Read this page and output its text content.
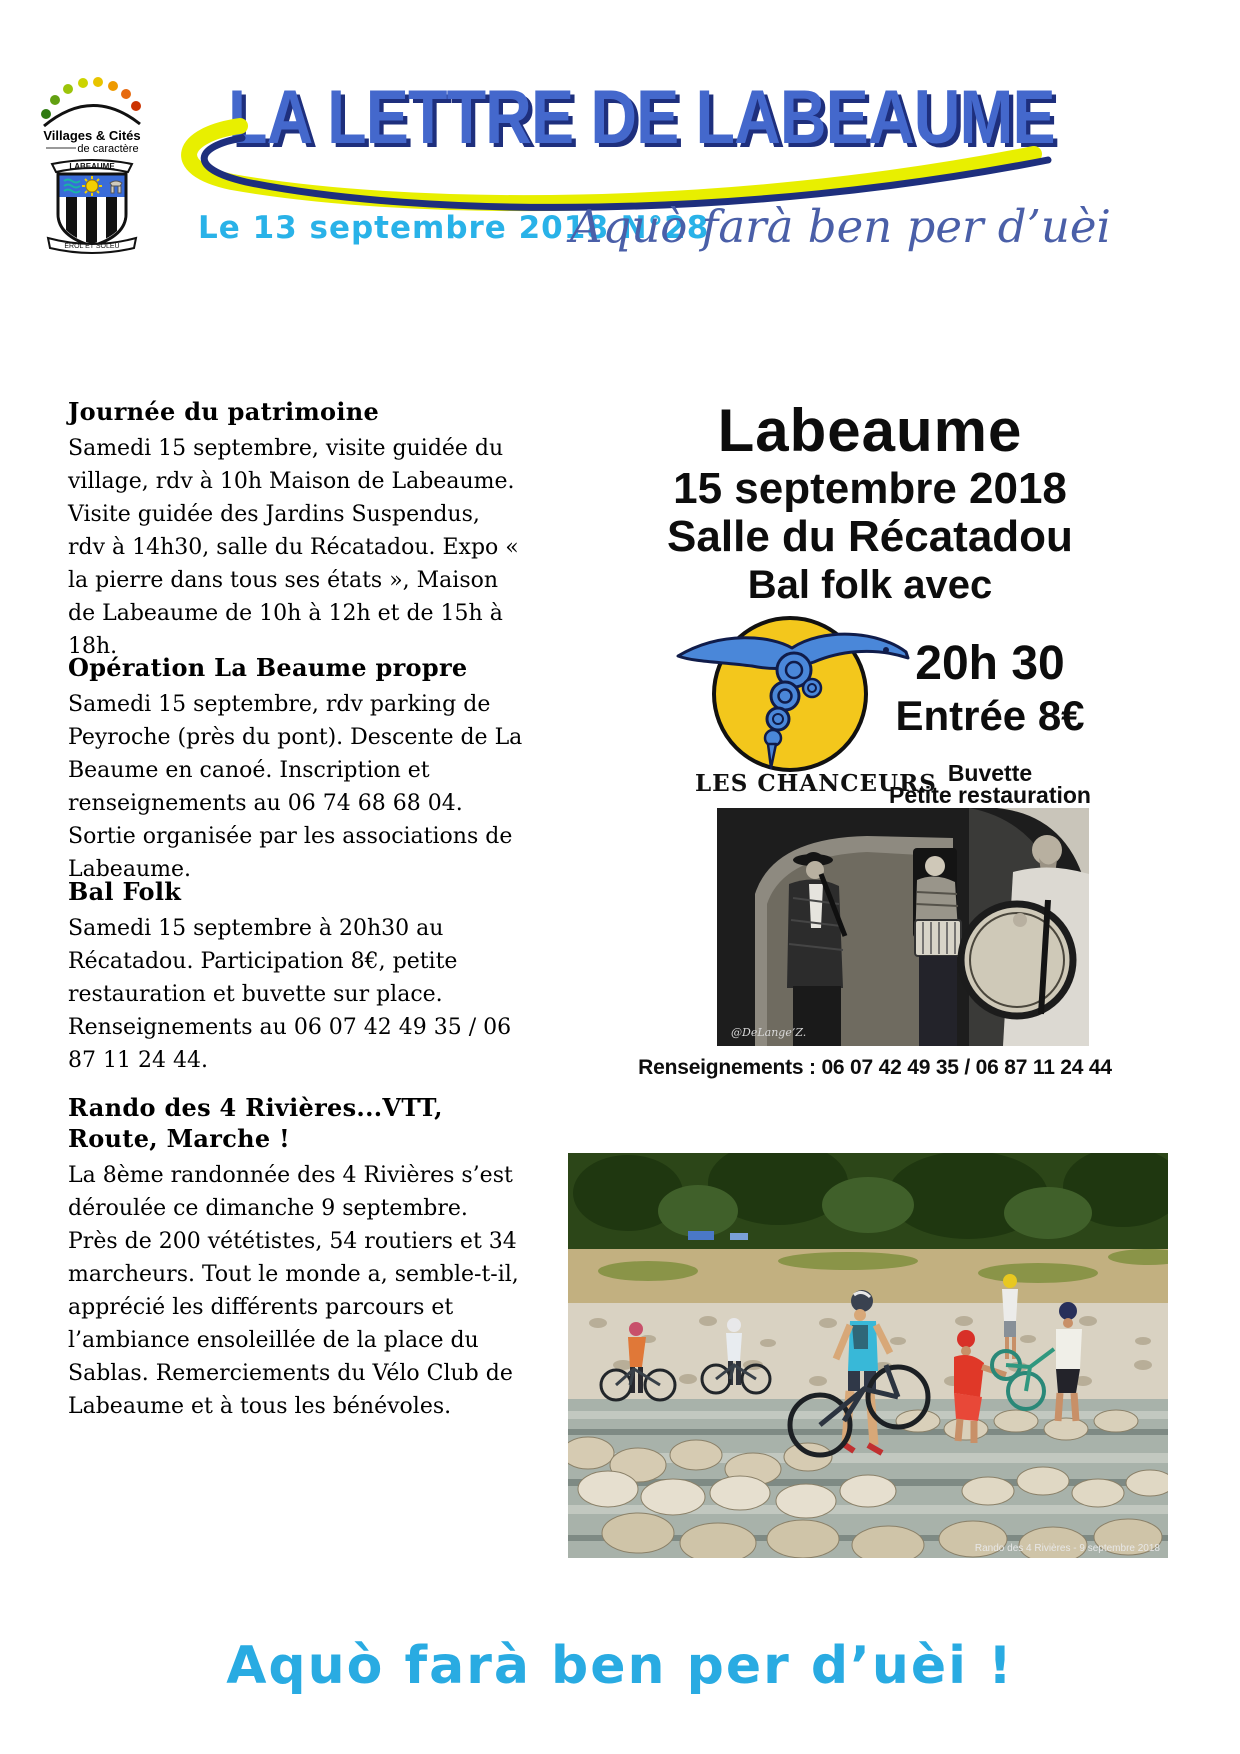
Villages & Cités
de caractère
LABEAUME
ÉROL ET SOLEU
LA LETTRE DE LABEAUME
Le 13 septembre 2018 N°28
Aquò farà ben per d’uèi
Journée du patrimoine

Samedi 15 septembre, visite guidée du village, rdv à 10h Maison de Labeaume. Visite guidée des Jardins Suspendus, rdv à 14h30, salle du Récatadou. Expo « la pierre dans tous ses états », Maison de Labeaume de 10h à 12h et de 15h à 18h.

Opération La Beaume propre

Samedi 15 septembre, rdv parking de Peyroche (près du pont). Descente de La Beaume en canoé. Inscription et renseignements au 06 74 68 68 04. Sortie organisée par les associations de Labeaume.

Bal Folk

Samedi 15 septembre à 20h30 au Récatadou. Participation 8€, petite restauration et buvette sur place. Renseignements au 06 07 42 49 35 / 06 87 11 24 44.

Rando des 4 Rivières...VTT, Route, Marche !

La 8ème randonnée des 4 Rivières s’est déroulée ce dimanche 9 septembre. Près de 200 vététistes, 54 routiers et 34 marcheurs. Tout le monde a, semble-t-il, apprécié les différents parcours et l’ambiance ensoleillée de la place du Sablas. Remerciements du Vélo Club de Labeaume et à tous les bénévoles.

Labeaume
15 septembre 2018
Salle du Récatadou
Bal folk avec
LES CHANCEURS
20h 30
Entrée 8€
Buvette
Petite restauration
@DeLange’Z.
Renseignements : 06 07 42 49 35 / 06 87 11 24 44
Rando des 4 Rivières - 9 septembre 2018
Aquò farà ben per d’uèi !
